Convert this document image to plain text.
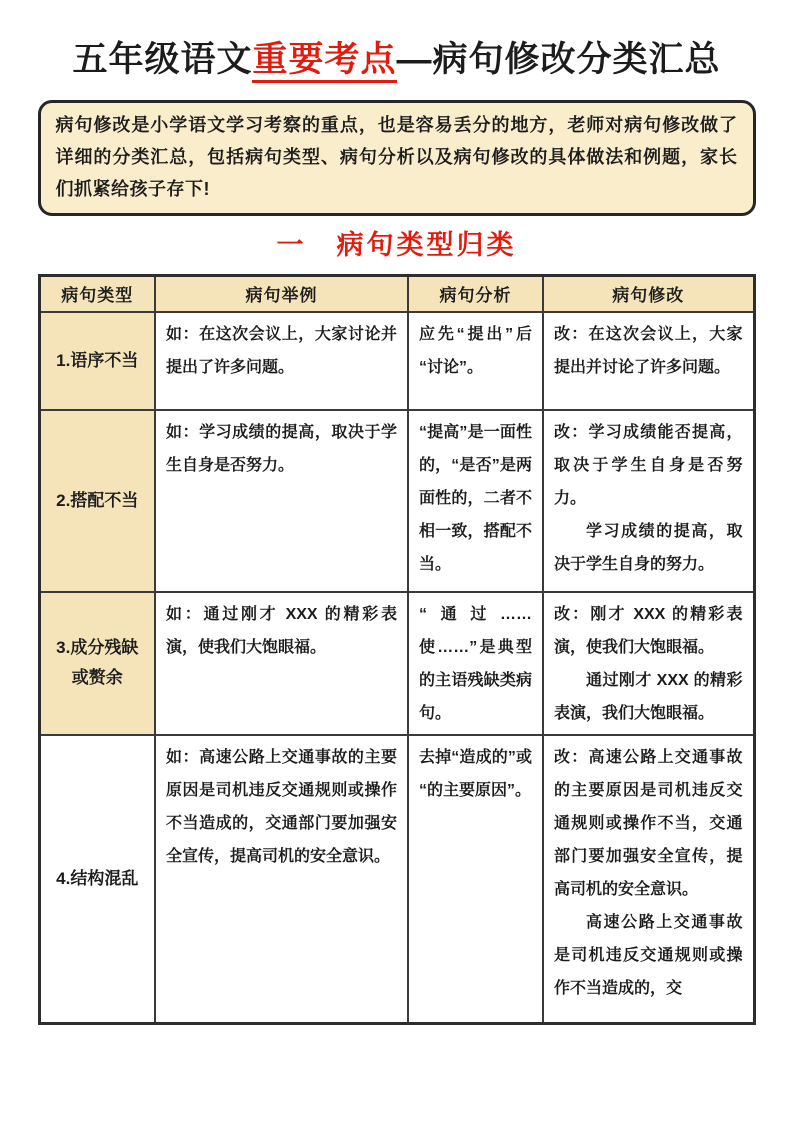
五年级语文重要考点—病句修改分类汇总

病句修改是小学语文学习考察的重点，也是容易丢分的地方，老师对病句修改做了详细的分类汇总，包括病句类型、病句分析以及病句修改的具体做法和例题，家长们抓紧给孩子存下!

一　病句类型归类
病句类型	病句举例	病句分析	病句修改
1.语序不当	如：在这次会议上，大家讨论并提出了许多问题。	应先“提出”后“讨论”。	改：在这次会议上，大家提出并讨论了许多问题。

2.搭配不当	如：学习成绩的提高，取决于学生自身是否努力。	“提高”是一面性的，“是否”是两面性的，二者不相一致，搭配不当。	改：学习成绩能否提高，取决于学生自身是否努力。

学习成绩的提高，取决于学生自身的努力。

3.成分残缺或赘余	如：通过刚才 XXX 的精彩表演，使我们大饱眼福。	“通过……使……”是典型的主语残缺类病句。	改：刚才 XXX 的精彩表演，使我们大饱眼福。

通过刚才 XXX 的精彩表演，我们大饱眼福。

4.结构混乱	如：高速公路上交通事故的主要原因是司机违反交通规则或操作不当造成的，交通部门要加强安全宣传，提高司机的安全意识。	去掉“造成的”或“的主要原因”。	改：高速公路上交通事故的主要原因是司机违反交通规则或操作不当，交通部门要加强安全宣传，提高司机的安全意识。

高速公路上交通事故是司机违反交通规则或操作不当造成的，交
